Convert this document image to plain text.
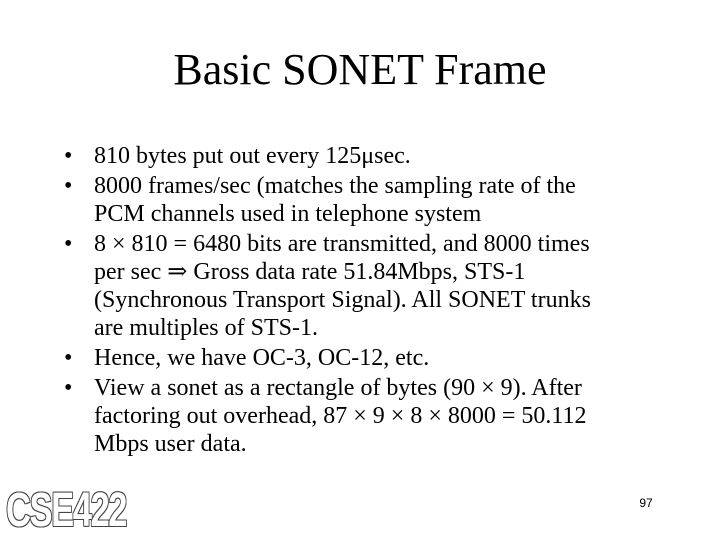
Basic SONET Frame
• 810 bytes put out every 125μsec.
• 8000 frames/sec (matches the sampling rate of the
PCM channels used in telephone system
• 8 × 810 = 6480 bits are transmitted, and 8000 times
per sec ⇒ Gross data rate 51.84Mbps, STS-1
(Synchronous Transport Signal). All SONET trunks
are multiples of STS-1.
• Hence, we have OC-3, OC-12, etc.
• View a sonet as a rectangle of bytes (90 × 9). After
factoring out overhead, 87 × 9 × 8 × 8000 = 50.112
Mbps user data.
CSE422	97
